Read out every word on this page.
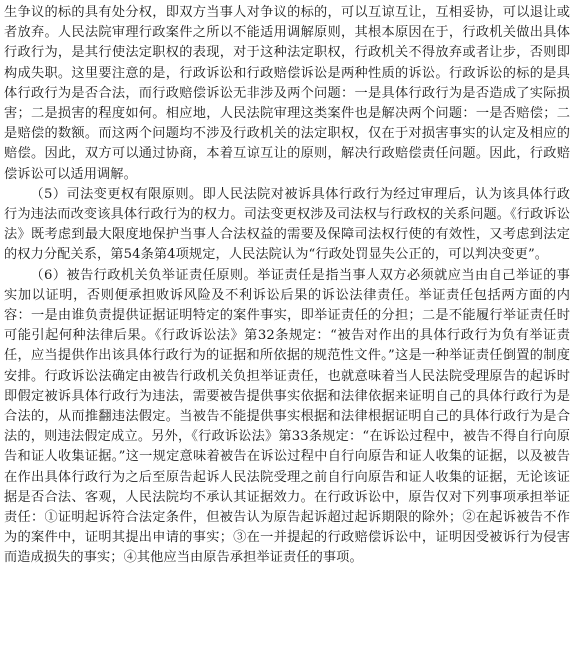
生争议的标的具有处分权，即双方当事人对争议的标的，可以互谅互让，互相妥协，可以退让或者放弃。人民法院审理行政案件之所以不能适用调解原则，其根本原因在于，行政机关做出具体行政行为，是其行使法定职权的表现，对于这种法定职权，行政机关不得放弃或者让步，否则即构成失职。这里要注意的是，行政诉讼和行政赔偿诉讼是两种性质的诉讼。行政诉讼的标的是具体行政行为是否合法，而行政赔偿诉讼无非涉及两个问题：一是具体行政行为是否造成了实际损害；二是损害的程度如何。相应地，人民法院审理这类案件也是解决两个问题：一是否赔偿；二是赔偿的数额。而这两个问题均不涉及行政机关的法定职权，仅在于对损害事实的认定及相应的赔偿。因此，双方可以通过协商，本着互谅互让的原则，解决行政赔偿责任问题。因此，行政赔偿诉讼可以适用调解。

（5）司法变更权有限原则。即人民法院对被诉具体行政行为经过审理后，认为该具体行政行为违法而改变该具体行政行为的权力。司法变更权涉及司法权与行政权的关系问题。《行政诉讼法》既考虑到最大限度地保护当事人合法权益的需要及保障司法权行使的有效性，又考虑到法定的权力分配关系，第54条第4项规定，人民法院认为“行政处罚显失公正的，可以判决变更”。

（6）被告行政机关负举证责任原则。举证责任是指当事人双方必须就应当由自己举证的事实加以证明，否则便承担败诉风险及不利诉讼后果的诉讼法律责任。举证责任包括两方面的内容：一是由谁负责提供证据证明特定的案件事实，即举证责任的分担；二是不能履行举证责任时可能引起何种法律后果。《行政诉讼法》第32条规定：“被告对作出的具体行政行为负有举证责任，应当提供作出该具体行政行为的证据和所依据的规范性文件。”这是一种举证责任倒置的制度安排。行政诉讼法确定由被告行政机关负担举证责任，也就意味着当人民法院受理原告的起诉时即假定被诉具体行政行为违法，需要被告提供事实依据和法律依据来证明自己的具体行政行为是合法的，从而推翻违法假定。当被告不能提供事实根据和法律根据证明自己的具体行政行为是合法的，则违法假定成立。另外，《行政诉讼法》第33条规定：“在诉讼过程中，被告不得自行向原告和证人收集证据。”这一规定意味着被告在诉讼过程中自行向原告和证人收集的证据，以及被告在作出具体行政行为之后至原告起诉人民法院受理之前自行向原告和证人收集的证据，无论该证据是否合法、客观，人民法院均不承认其证据效力。在行政诉讼中，原告仅对下列事项承担举证责任：①证明起诉符合法定条件，但被告认为原告起诉超过起诉期限的除外；②在起诉被告不作为的案件中，证明其提出申请的事实；③在一并提起的行政赔偿诉讼中，证明因受被诉行为侵害而造成损失的事实；④其他应当由原告承担举证责任的事项。
